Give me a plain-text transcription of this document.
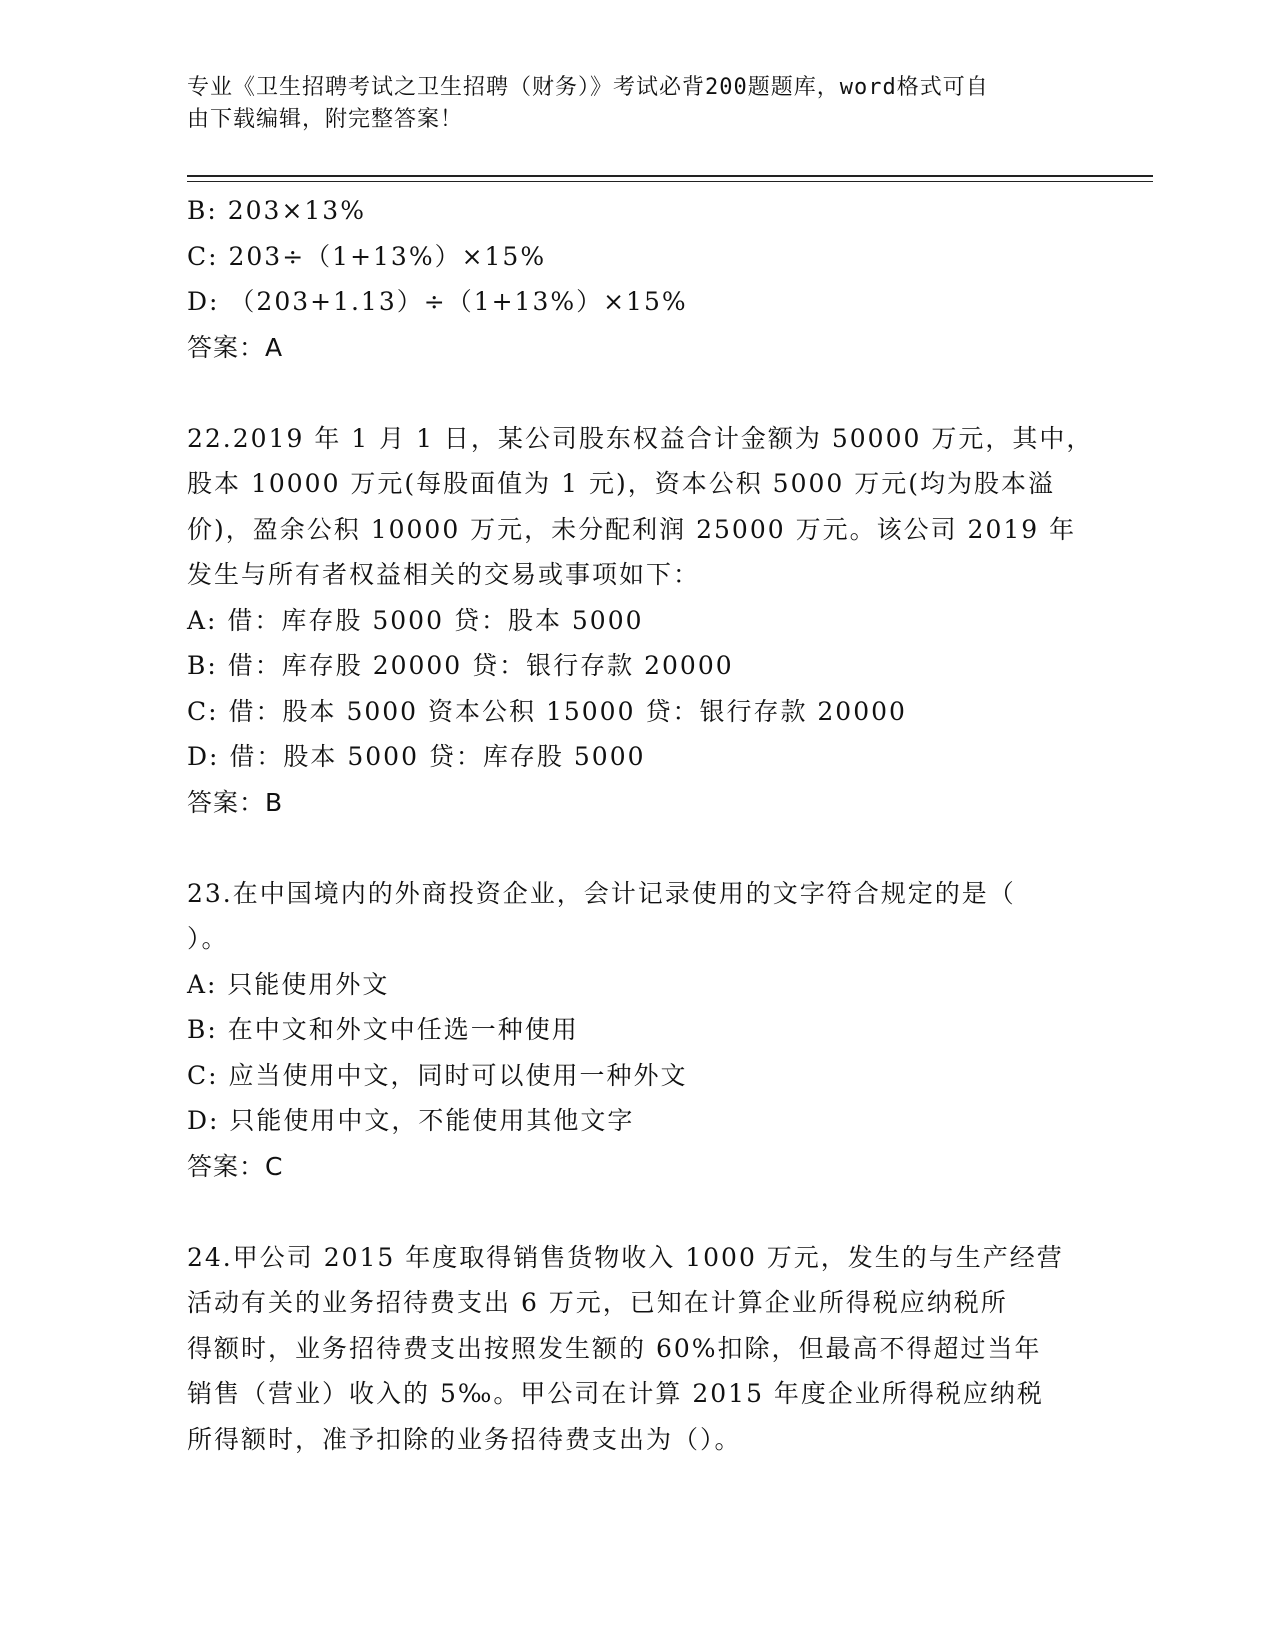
专业《卫生招聘考试之卫生招聘（财务）》考试必背200题题库，word格式可自
由下载编辑，附完整答案！
B: 203×13%
C: 203÷（1+13%）×15%
D: （203+1.13）÷（1+13%）×15%
答案：A
22.2019 年 1 月 1 日，某公司股东权益合计金额为 50000 万元，其中，
股本 10000 万元(每股面值为 1 元)，资本公积 5000 万元(均为股本溢
价)，盈余公积 10000 万元，未分配利润 25000 万元。该公司 2019 年
发生与所有者权益相关的交易或事项如下：
A: 借：库存股 5000 贷：股本 5000
B: 借：库存股 20000 贷：银行存款 20000
C: 借：股本 5000 资本公积 15000 贷：银行存款 20000
D: 借：股本 5000 贷：库存股 5000
答案：B
23.在中国境内的外商投资企业，会计记录使用的文字符合规定的是（
）。
A: 只能使用外文
B: 在中文和外文中任选一种使用
C: 应当使用中文，同时可以使用一种外文
D: 只能使用中文，不能使用其他文字
答案：C
24.甲公司 2015 年度取得销售货物收入 1000 万元，发生的与生产经营
活动有关的业务招待费支出 6 万元，已知在计算企业所得税应纳税所
得额时，业务招待费支出按照发生额的 60%扣除，但最高不得超过当年
销售（营业）收入的 5‰。甲公司在计算 2015 年度企业所得税应纳税
所得额时，准予扣除的业务招待费支出为（）。
